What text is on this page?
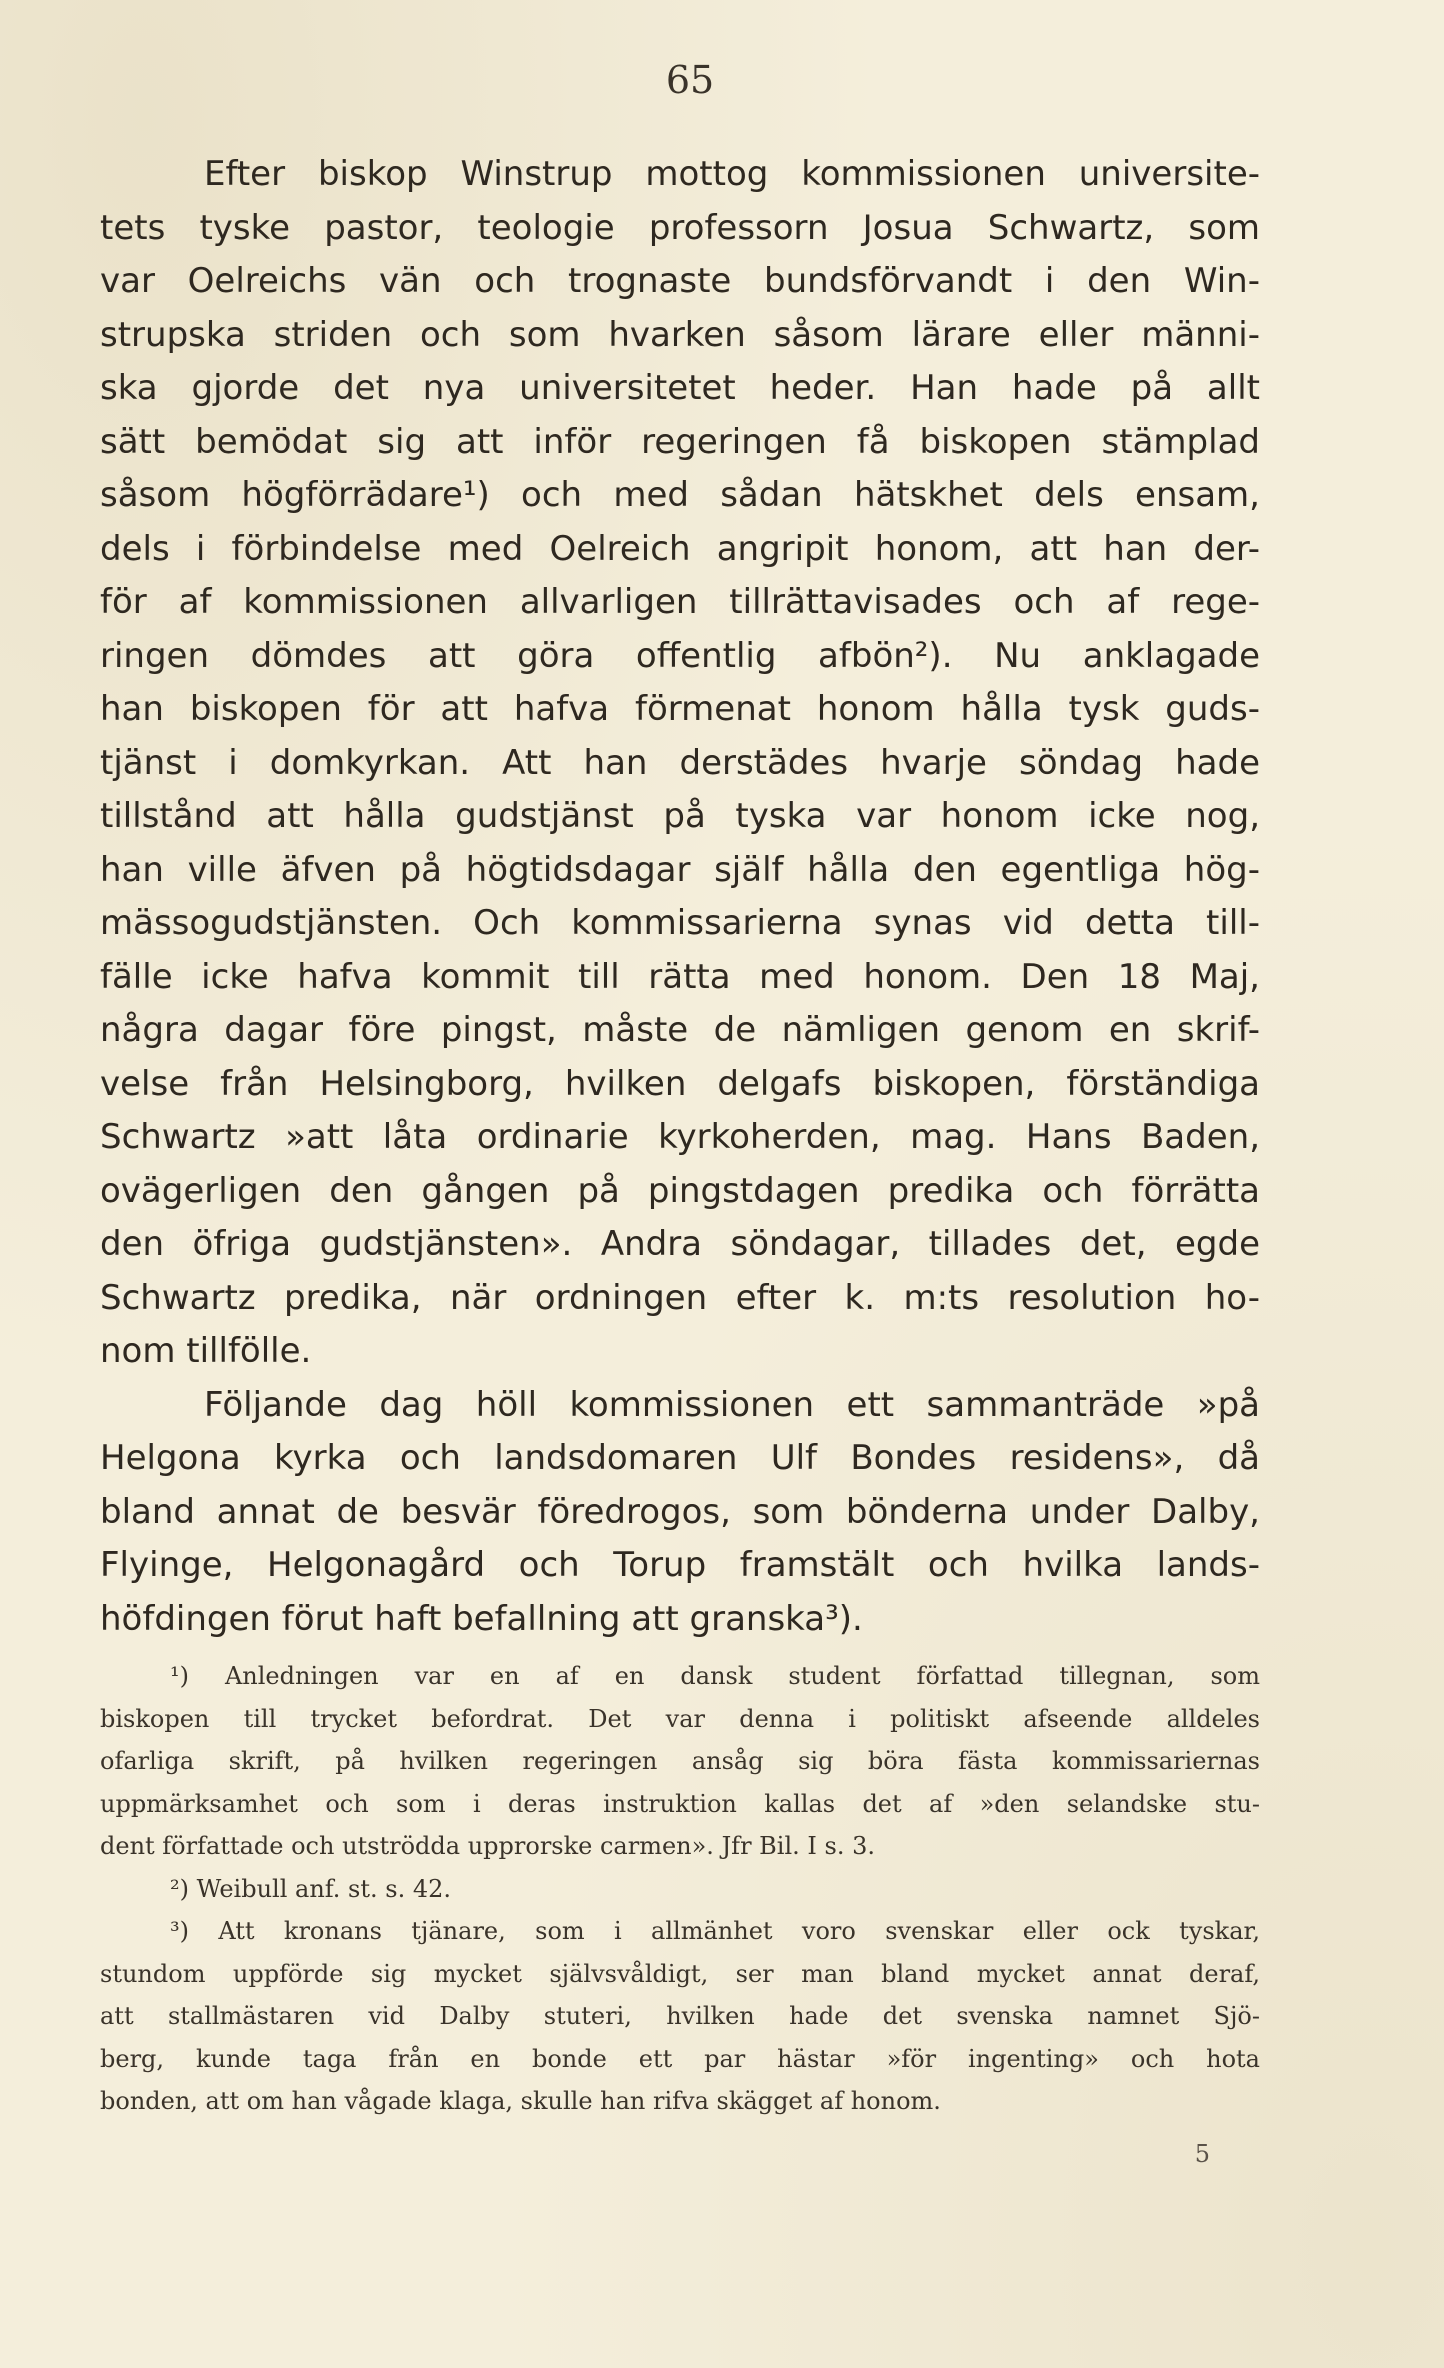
65
Efter biskop Winstrup mottog kommissionen universite-
tets tyske pastor, teologie professorn Josua Schwartz, som
var Oelreichs vän och trognaste bundsförvandt i den Win-
strupska striden och som hvarken såsom lärare eller männi-
ska gjorde det nya universitetet heder. Han hade på allt
sätt bemödat sig att inför regeringen få biskopen stämplad
såsom högförrädare¹) och med sådan hätskhet dels ensam,
dels i förbindelse med Oelreich angripit honom, att han der-
för af kommissionen allvarligen tillrättavisades och af rege-
ringen dömdes att göra offentlig afbön²). Nu anklagade
han biskopen för att hafva förmenat honom hålla tysk guds-
tjänst i domkyrkan. Att han derstädes hvarje söndag hade
tillstånd att hålla gudstjänst på tyska var honom icke nog,
han ville äfven på högtidsdagar själf hålla den egentliga hög-
mässogudstjänsten. Och kommissarierna synas vid detta till-
fälle icke hafva kommit till rätta med honom. Den 18 Maj,
några dagar före pingst, måste de nämligen genom en skrif-
velse från Helsingborg, hvilken delgafs biskopen, förständiga
Schwartz »att låta ordinarie kyrkoherden, mag. Hans Baden,
ovägerligen den gången på pingstdagen predika och förrätta
den öfriga gudstjänsten». Andra söndagar, tillades det, egde
Schwartz predika, när ordningen efter k. m:ts resolution ho-
nom tillfölle.
Följande dag höll kommissionen ett sammanträde »på
Helgona kyrka och landsdomaren Ulf Bondes residens», då
bland annat de besvär föredrogos, som bönderna under Dalby,
Flyinge, Helgonagård och Torup framstält och hvilka lands-
höfdingen förut haft befallning att granska³).
¹) Anledningen var en af en dansk student författad tillegnan, som
biskopen till trycket befordrat. Det var denna i politiskt afseende alldeles
ofarliga skrift, på hvilken regeringen ansåg sig böra fästa kommissariernas
uppmärksamhet och som i deras instruktion kallas det af »den selandske stu-
dent författade och utströdda upprorske carmen». Jfr Bil. I s. 3.
²) Weibull anf. st. s. 42.
³) Att kronans tjänare, som i allmänhet voro svenskar eller ock tyskar,
stundom uppförde sig mycket självsvåldigt, ser man bland mycket annat deraf,
att stallmästaren vid Dalby stuteri, hvilken hade det svenska namnet Sjö-
berg, kunde taga från en bonde ett par hästar »för ingenting» och hota
bonden, att om han vågade klaga, skulle han rifva skägget af honom.
5
